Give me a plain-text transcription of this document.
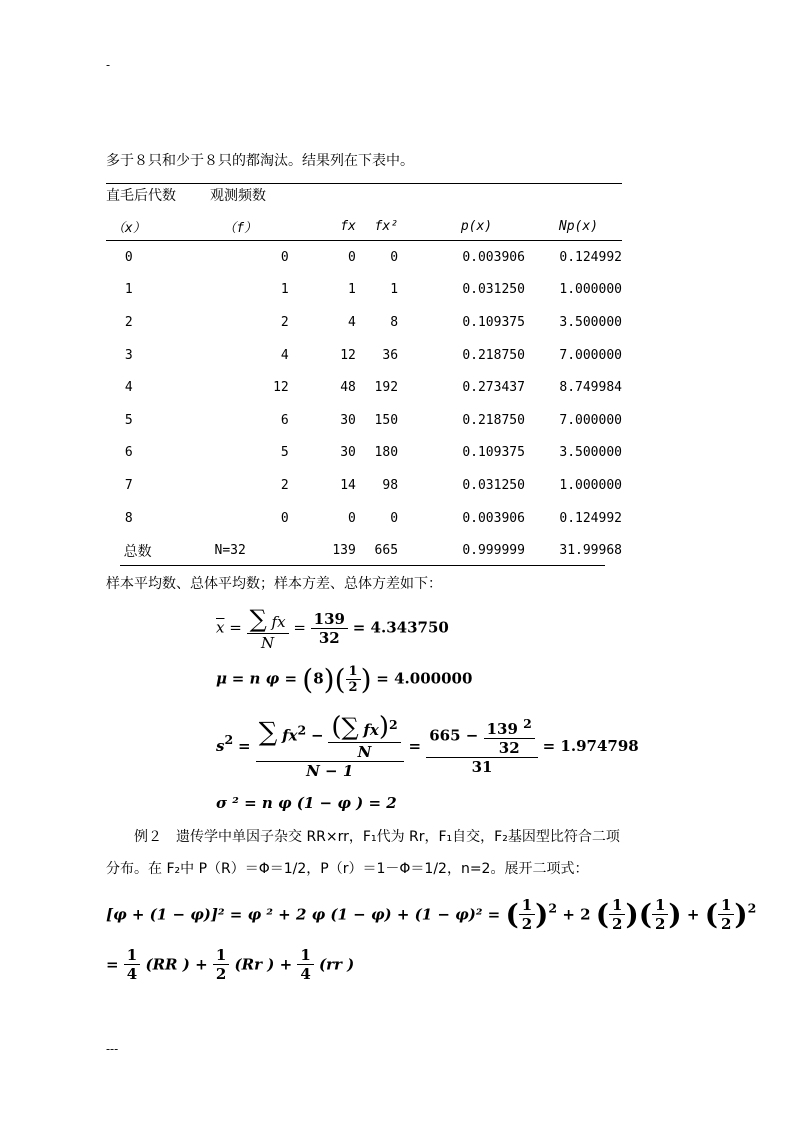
-
多于８只和少于８只的都淘汰。结果列在下表中。
直毛后代数 观测频数
（x）	（f）	fx	fx²	p(x)	Np(x)
0	0	0	0	0.003906	0.124992
1	1	1	1	0.031250	1.000000
2	2	4	8	0.109375	3.500000
3	4	12	36	0.218750	7.000000
4	12	48	192	0.273437	8.749984
5	6	30	150	0.218750	7.000000
6	5	30	180	0.109375	3.500000
7	2	14	98	0.031250	1.000000
8	0	0	0	0.003906	0.124992
总数	N=32	139	665	0.999999	31.99968
样本平均数、总体平均数；样本方差、总体方差如下：
$\overline{x} = \frac{\sum fx}{N} = \frac{139}{32} = 4.343750$
μ = n $\varphi = (8)( \frac{1}{2}$ ) = 4.000000
$s^2 = \frac{\sum fx^2 - \frac{(\sum fx)^2}{N}}{N - 1} = \frac{665 - \frac{139 ^2}{32}}{31} = 1.974798$
σ ² = n φ (1 − φ ) = 2
例２　遗传学中单因子杂交 RR×rr，F₁代为 Rr，F₁自交，F₂基因型比符合二项
分布。在 F₂中 P（R）＝Φ＝1/2，P（r）＝1－Φ＝1/2，n=2。展开二项式：
[φ + (1 − φ)]² = φ ² + 2 φ (1 − φ) + (1 − φ)² = ( $\frac{1}{2} )^2 + 2$ ( $\frac{1}{2}$ )( $\frac{1}{2}$ ) + ( $\frac{1}{2} )^2$
= $\frac{1}{4} (RR$ ) + $\frac{1}{2} (Rr$ ) + $\frac{1}{4} (rr$ )
---
